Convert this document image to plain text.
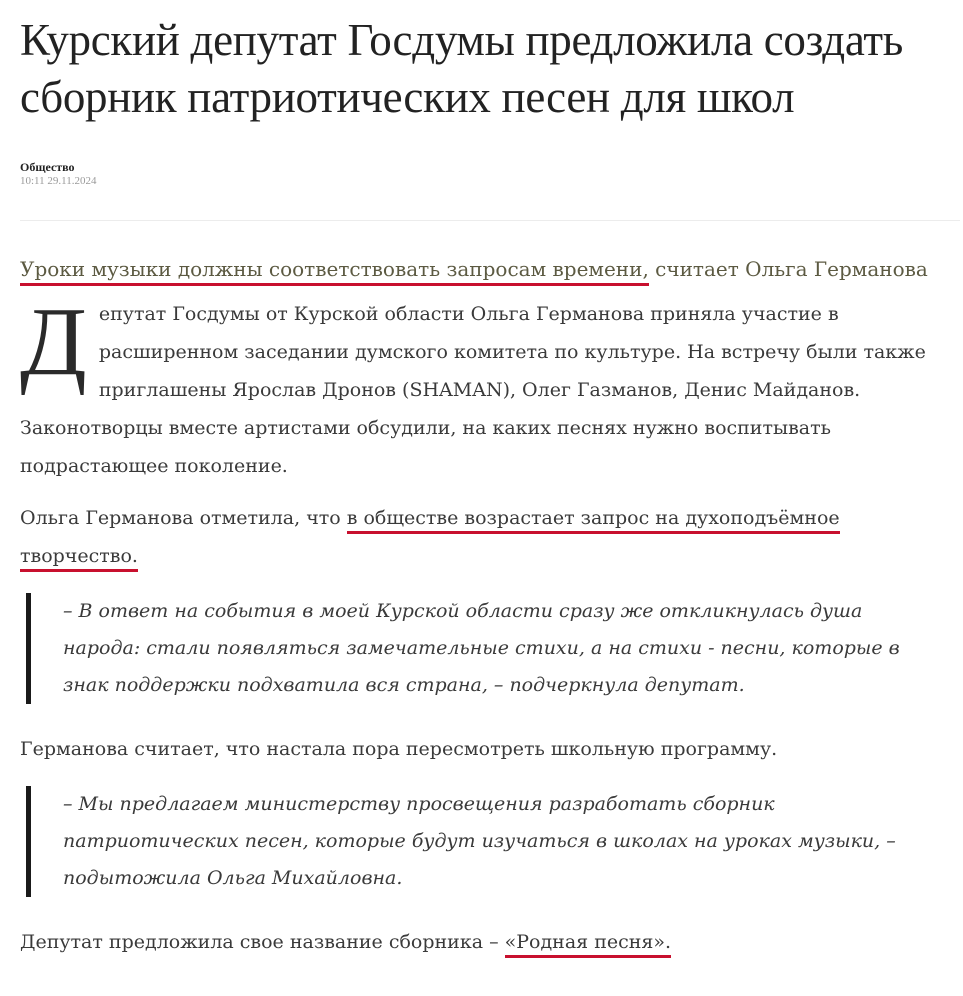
Курский депутат Госдумы предложила создать сборник патриотических песен для школ
Общество
10:11 29.11.2024
Уроки музыки должны соответствовать запросам времени, считает Ольга Германова
Депутат Госдумы от Курской области Ольга Германова приняла участие в расширенном заседании думского комитета по культуре. На встречу были также приглашены Ярослав Дронов (SHAMAN), Олег Газманов, Денис Майданов. Законотворцы вместе артистами обсудили, на каких песнях нужно воспитывать подрастающее поколение.
Ольга Германова отметила, что в обществе возрастает запрос на духоподъёмное творчество.
– В ответ на события в моей Курской области сразу же откликнулась душа народа: стали появляться замечательные стихи, а на стихи - песни, которые в знак поддержки подхватила вся страна, – подчеркнула депутат.
Германова считает, что настала пора пересмотреть школьную программу.
– Мы предлагаем министерству просвещения разработать сборник патриотических песен, которые будут изучаться в школах на уроках музыки, – подытожила Ольга Михайловна.
Депутат предложила свое название сборника – «Родная песня».
